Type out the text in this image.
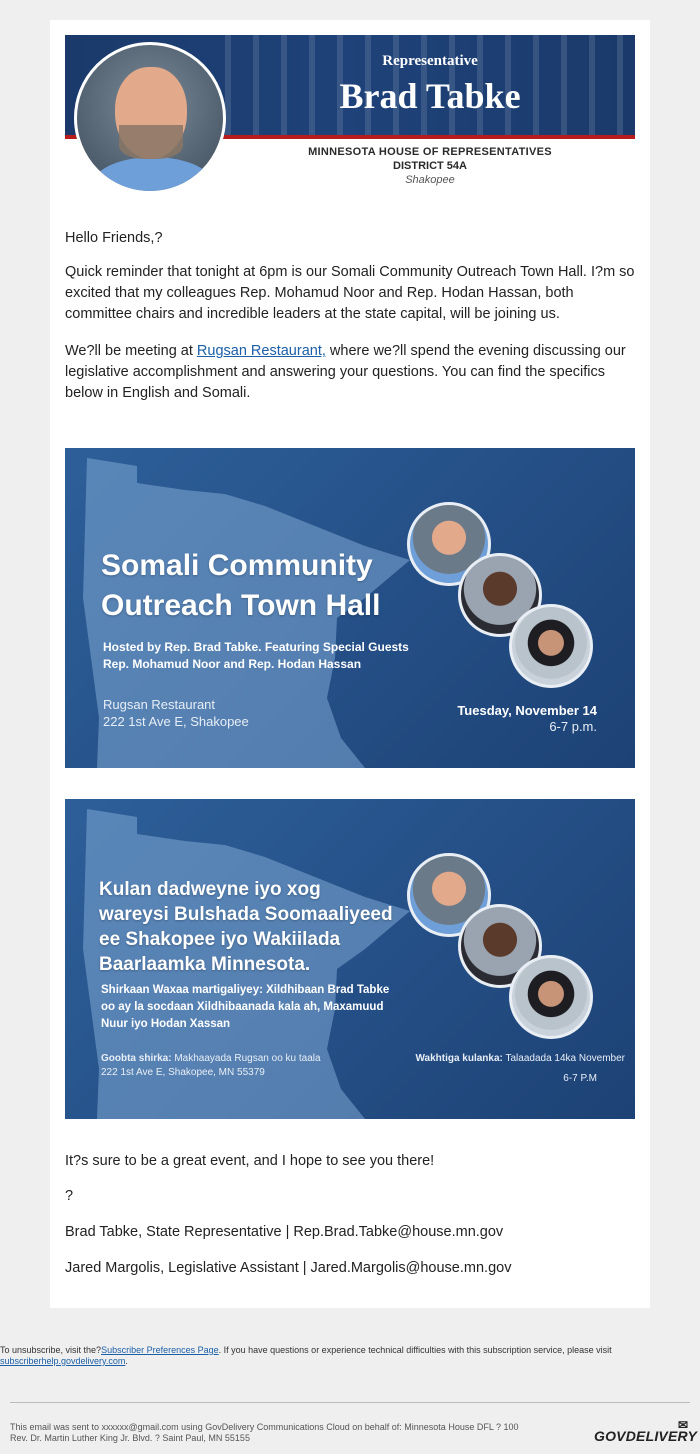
Representative
Brad Tabke
MINNESOTA HOUSE OF REPRESENTATIVES
DISTRICT 54A
Shakopee
Hello Friends,?
Quick reminder that tonight at 6pm is our Somali Community Outreach Town Hall. I?m so excited that my colleagues Rep. Mohamud Noor and Rep. Hodan Hassan, both committee chairs and incredible leaders at the state capital, will be joining us.
We?ll be meeting at Rugsan Restaurant, where we?ll spend the evening discussing our legislative accomplishment and answering your questions. You can find the specifics below in English and Somali.
Somali Community
Outreach Town Hall
Hosted by Rep. Brad Tabke. Featuring Special Guests
Rep. Mohamud Noor and Rep. Hodan Hassan
Rugsan Restaurant
222 1st Ave E, Shakopee
Tuesday, November 14
6-7 p.m.
Kulan dadweyne iyo xog
wareysi Bulshada Soomaaliyeed
ee Shakopee iyo Wakiilada
Baarlaamka Minnesota.
Shirkaan Waxaa martigaliyey: Xildhibaan Brad Tabke
oo ay la socdaan Xildhibaanada kala ah, Maxamuud
Nuur iyo Hodan Xassan
Goobta shirka: Makhaayada Rugsan oo ku taala
222 1st Ave E, Shakopee, MN 55379
Wakhtiga kulanka: Talaadada 14ka November
6-7 P.M
It?s sure to be a great event, and I hope to see you there!
?
Brad Tabke, State Representative | Rep.Brad.Tabke@house.mn.gov
Jared Margolis, Legislative Assistant | Jared.Margolis@house.mn.gov
To unsubscribe, visit the?Subscriber Preferences Page. If you have questions or experience technical difficulties with this subscription service, please visit
subscriberhelp.govdelivery.com.
This email was sent to xxxxxx@gmail.com using GovDelivery Communications Cloud on behalf of: Minnesota House DFL ? 100
Rev. Dr. Martin Luther King Jr. Blvd. ? Saint Paul, MN 55155	GOVDELIVERY
✉
